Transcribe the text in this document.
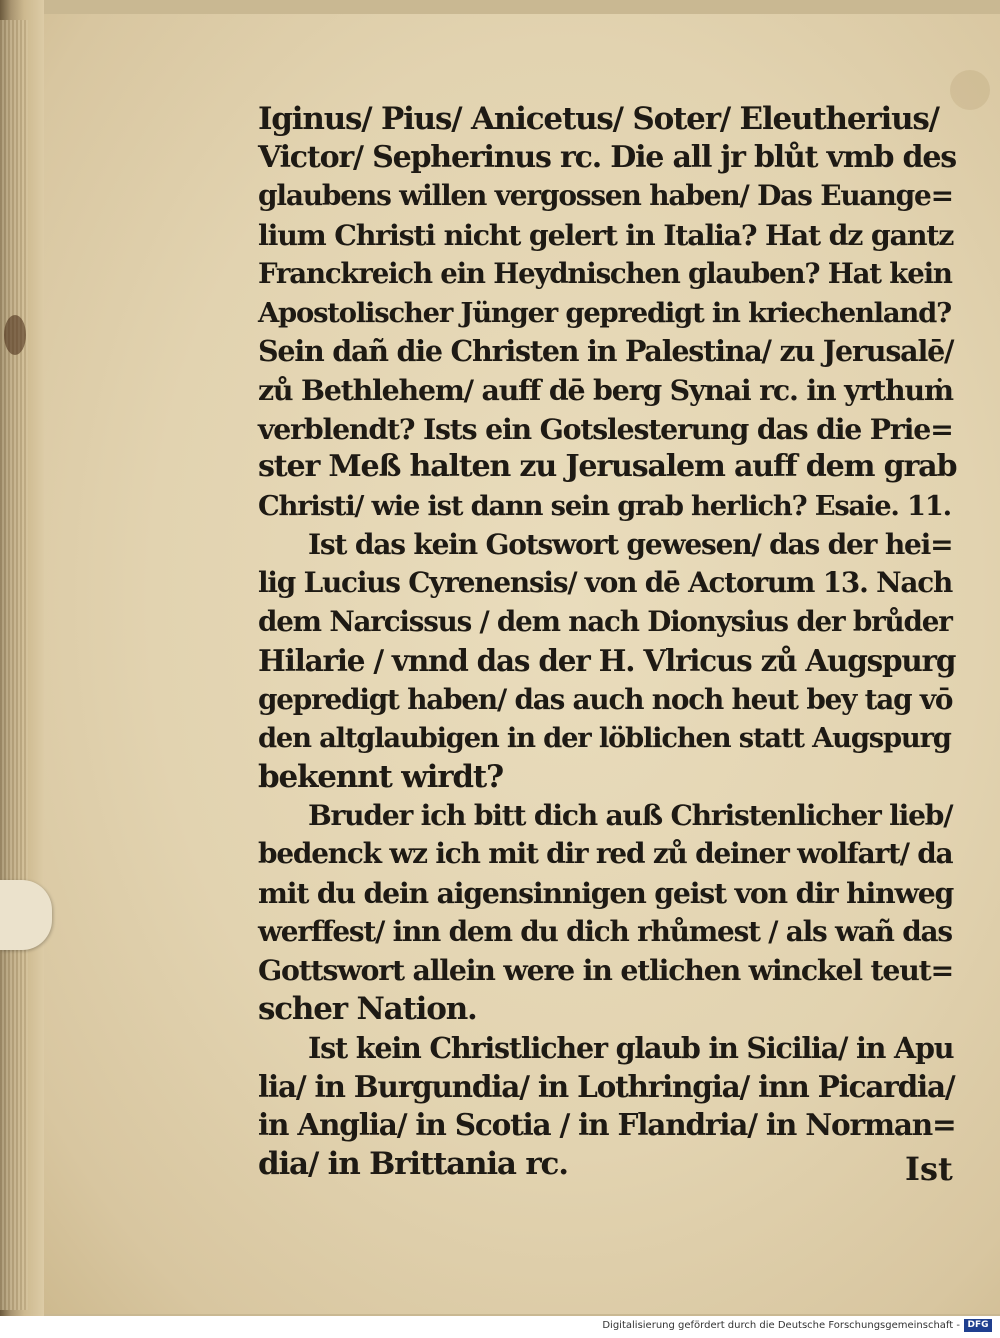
Iginus/ Pius/ Anicetus/ Soter/ Eleutherius/
Victor/ Sepherinus rc. Die all jr blůt vmb des
glaubens willen vergossen haben/ Das Euange=
lium Christi nicht gelert in Italia? Hat dz gantz
Franckreich ein Heydnischen glauben? Hat kein
Apostolischer Jünger gepredigt in kriechenland?
Sein dañ die Christen in Palestina/ zu Jerusalē/
zů Bethlehem/ auff dē berg Synai rc. in yrthuṁ
verblendt? Ists ein Gotslesterung das die Prie=
ster Meß halten zu Jerusalem auff dem grab
Christi/ wie ist dann sein grab herlich? Esaie. 11.
Ist das kein Gotswort gewesen/ das der hei=
lig Lucius Cyrenensis/ von dē Actorum 13. Nach
dem Narcissus / dem nach Dionysius der brůder
Hilarie / vnnd das der H. Vlricus zů Augspurg
gepredigt haben/ das auch noch heut bey tag vō
den altglaubigen in der löblichen statt Augspurg
bekennt wirdt?
Bruder ich bitt dich auß Christenlicher lieb/
bedenck wz ich mit dir red zů deiner wolfart/ da
mit du dein aigensinnigen geist von dir hinweg
werffest/ inn dem du dich rhůmest / als wañ das
Gottswort allein were in etlichen winckel teut=
scher Nation.
Ist kein Christlicher glaub in Sicilia/ in Apu
lia/ in Burgundia/ in Lothringia/ inn Picardia/
in Anglia/ in Scotia / in Flandria/ in Norman=
dia/ in Brittania rc.	Ist
Digitalisierung gefördert durch die Deutsche Forschungsgemeinschaft - DFG
